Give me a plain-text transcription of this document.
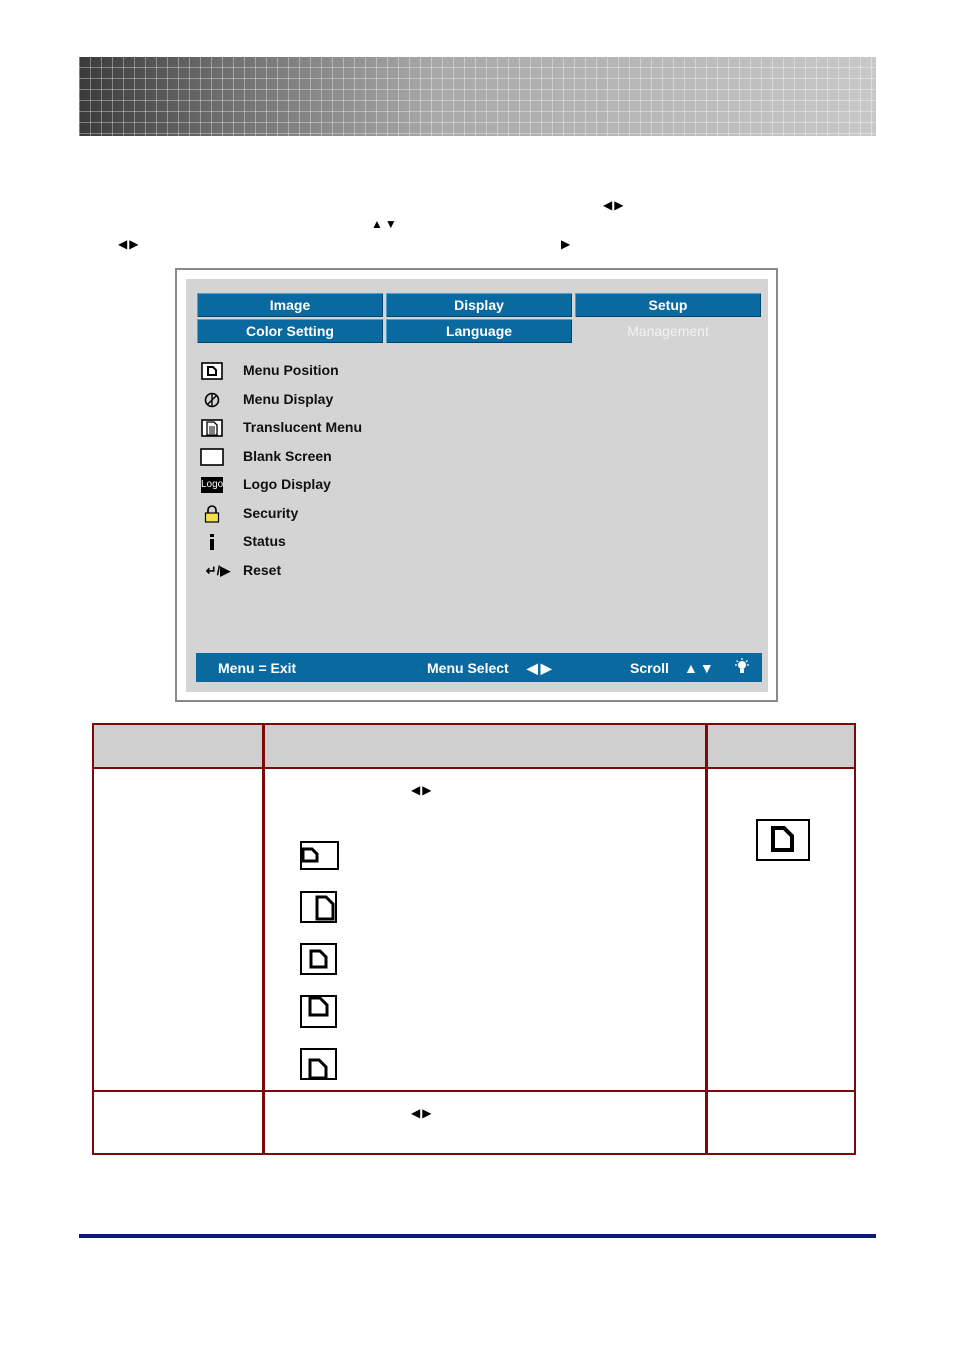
◀▶
▲▼
◀▶	▶
Image	Display	Setup
Color Setting	Language	Management
Menu Position
Menu Display
Translucent Menu
Blank Screen
Logo Logo Display
Security
Status
↵/▶ Reset
Menu = Exit	Menu Select ◀▶	Scroll ▲▼
◀▶
◀▶
